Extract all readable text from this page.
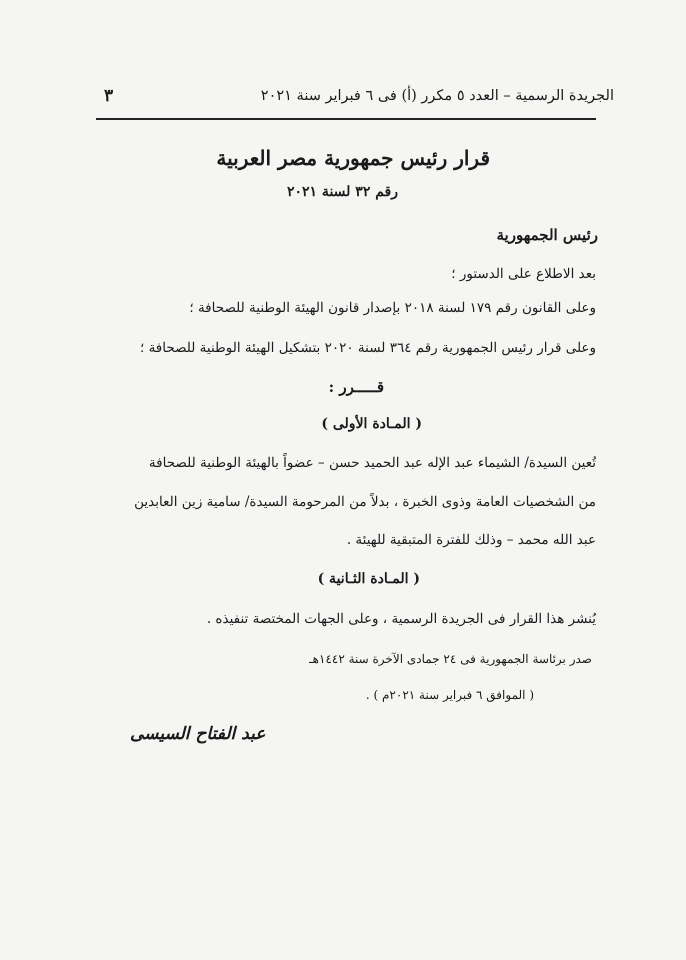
الجريدة الرسمية – العدد ٥ مكرر (أ) فى ٦ فبراير سنة ٢٠٢١
٣
قرار رئيس جمهورية مصر العربية
رقم ٣٢ لسنة ٢٠٢١
رئيس الجمهورية
بعد الاطلاع على الدستور ؛
وعلى القانون رقم ١٧٩ لسنة ٢٠١٨ بإصدار قانون الهيئة الوطنية للصحافة ؛
وعلى قرار رئيس الجمهورية رقم ٣٦٤ لسنة ٢٠٢٠ بتشكيل الهيئة الوطنية للصحافة ؛
قـــــرر :
( المـادة الأولى )
تُعين السيدة/ الشيماء عبد الإله عبد الحميد حسن – عضواً بالهيئة الوطنية للصحافة
من الشخصيات العامة وذوى الخبرة ، بدلاً من المرحومة السيدة/ سامية زين العابدين
عبد الله محمد – وذلك للفترة المتبقية للهيئة .
( المـادة الثـانية )
يُنشر هذا القرار فى الجريدة الرسمية ، وعلى الجهات المختصة تنفيذه .
صدر برئاسة الجمهورية فى ٢٤ جمادى الآخرة سنة ١٤٤٢هـ
( الموافق ٦ فبراير سنة ٢٠٢١م ) .
عبد الفتاح السيسى
